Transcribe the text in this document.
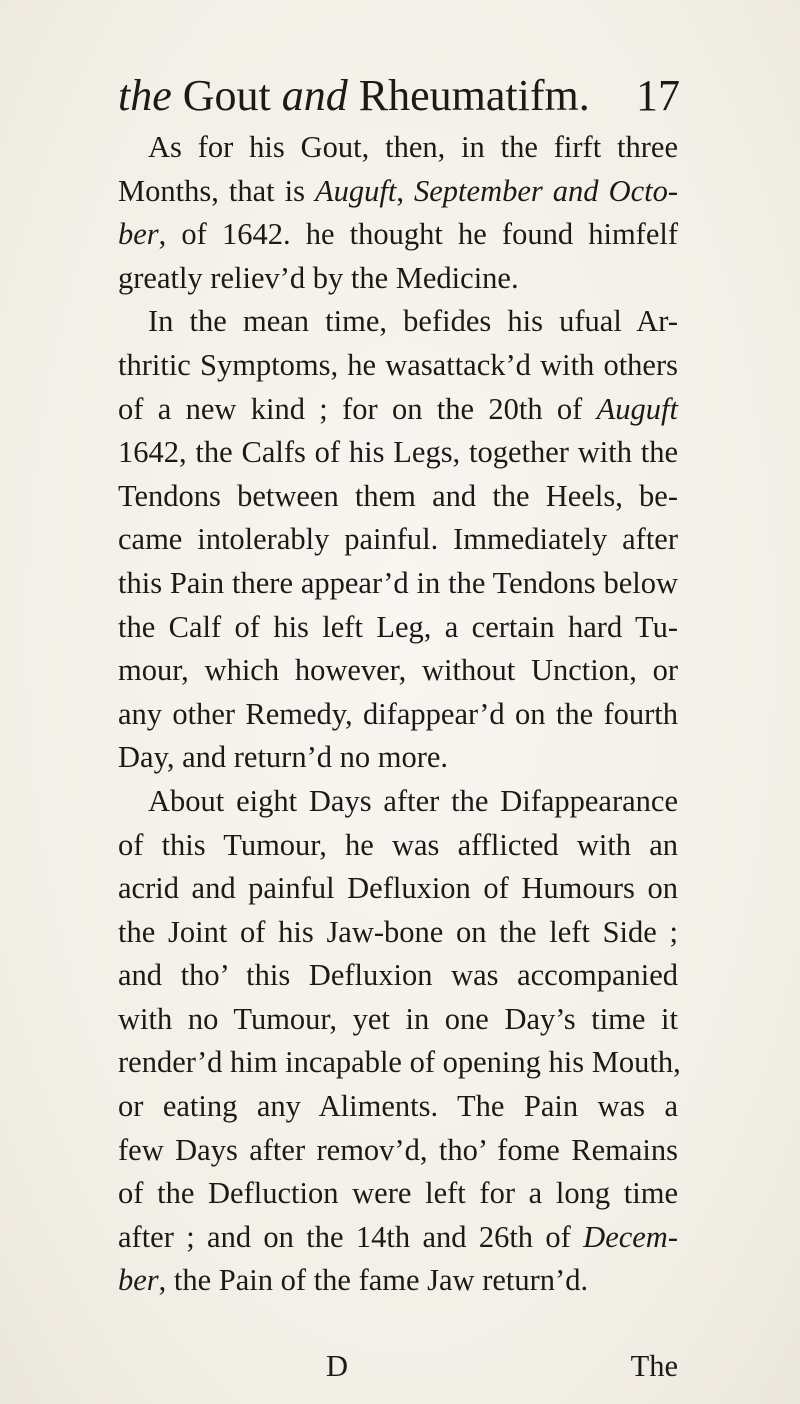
the Gout and Rheumatifm. 17
As for his Gout, then, in the firft three
Months, that is Auguft, September and Octo-
ber, of 1642. he thought he found himfelf
greatly reliev’d by the Medicine.
In the mean time, befides his ufual Ar-
thritic Symptoms, he wasattack’d with others
of a new kind ; for on the 20th of Auguft
1642, the Calfs of his Legs, together with the
Tendons between them and the Heels, be-
came intolerably painful. Immediately after
this Pain there appear’d in the Tendons below
the Calf of his left Leg, a certain hard Tu-
mour, which however, without Unction, or
any other Remedy, difappear’d on the fourth
Day, and return’d no more.
About eight Days after the Difappearance
of this Tumour, he was afflicted with an
acrid and painful Defluxion of Humours on
the Joint of his Jaw-bone on the left Side ;
and tho’ this Defluxion was accompanied
with no Tumour, yet in one Day’s time it
render’d him incapable of opening his Mouth,
or eating any Aliments. The Pain was a
few Days after remov’d, tho’ fome Remains
of the Defluction were left for a long time
after ; and on the 14th and 26th of Decem-
ber, the Pain of the fame Jaw return’d.
D	The
